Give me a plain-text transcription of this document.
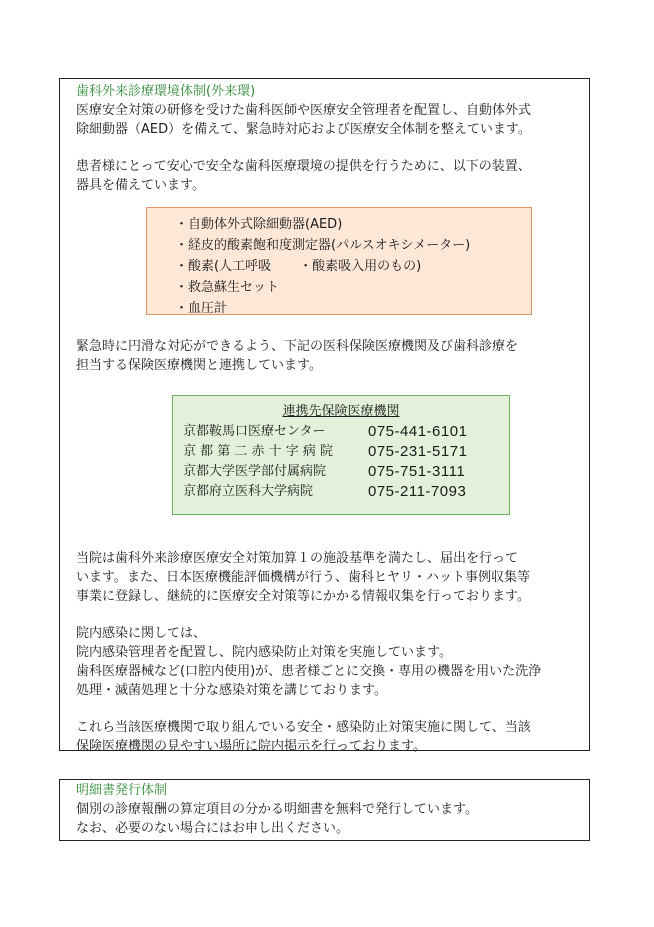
歯科外来診療環境体制(外来環)

医療安全対策の研修を受けた歯科医師や医療安全管理者を配置し、自動体外式
除細動器（AED）を備えて、緊急時対応および医療安全体制を整えています。

患者様にとって安心で安全な歯科医療環境の提供を行うために、以下の装置、
器具を備えています。

・自動体外式除細動器(AED)
・経皮的酸素飽和度測定器(パルスオキシメーター)
・酸素(人工呼吸 ・酸素吸入用のもの)
・救急蘇生セット
・血圧計

緊急時に円滑な対応ができるよう、下記の医科保険医療機関及び歯科診療を
担当する保険医療機関と連携しています。

連携先保険医療機関
京都鞍馬口医療センター	075-441-6101
京 都 第 二 赤 十 字 病 院	075-231-5171
京都大学医学部付属病院	075-751-3111
京都府立医科大学病院	075-211-7093

当院は歯科外来診療医療安全対策加算１の施設基準を満たし、届出を行って
います。また、日本医療機能評価機構が行う、歯科ヒヤリ・ハット事例収集等
事業に登録し、継続的に医療安全対策等にかかる情報収集を行っております。

院内感染に関しては、
院内感染管理者を配置し、院内感染防止対策を実施しています。
歯科医療器械など(口腔内使用)が、患者様ごとに交換・専用の機器を用いた洗浄
処理・滅菌処理と十分な感染対策を講じております。

これら当該医療機関で取り組んでいる安全・感染防止対策実施に関して、当該
保険医療機関の見やすい場所に院内掲示を行っております。

明細書発行体制

個別の診療報酬の算定項目の分かる明細書を無料で発行しています。
なお、必要のない場合にはお申し出ください。
